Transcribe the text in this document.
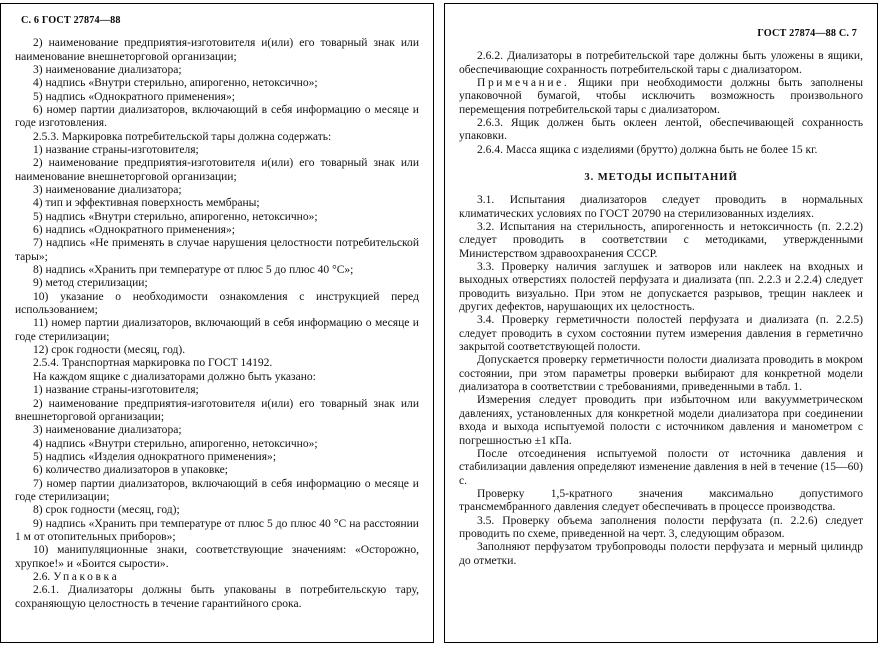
С. 6 ГОСТ 27874—88

2) наименование предприятия-изготовителя и(или) его товарный знак или наименование внешнеторговой организации;

3) наименование диализатора;

4) надпись «Внутри стерильно, апирогенно, нетоксично»;

5) надпись «Однократного применения»;

6) номер партии диализаторов, включающий в себя информацию о месяце и годе изготовления.

2.5.3. Маркировка потребительской тары должна содержать:

1) название страны-изготовителя;

2) наименование предприятия-изготовителя и(или) его товарный знак или наименование внешнеторговой организации;

3) наименование диализатора;

4) тип и эффективная поверхность мембраны;

5) надпись «Внутри стерильно, апирогенно, нетоксично»;

6) надпись «Однократного применения»;

7) надпись «Не применять в случае нарушения целостности потребительской тары»;

8) надпись «Хранить при температуре от плюс 5 до плюс 40 °С»;

9) метод стерилизации;

10) указание о необходимости ознакомления с инструкцией перед использованием;

11) номер партии диализаторов, включающий в себя информацию о месяце и годе стерилизации;

12) срок годности (месяц, год).

2.5.4. Транспортная маркировка по ГОСТ 14192.

На каждом ящике с диализаторами должно быть указано:

1) название страны-изготовителя;

2) наименование предприятия-изготовителя и(или) его товарный знак или внешнеторговой организации;

3) наименование диализатора;

4) надпись «Внутри стерильно, апирогенно, нетоксично»;

5) надпись «Изделия однократного применения»;

6) количество диализаторов в упаковке;

7) номер партии диализаторов, включающий в себя информацию о месяце и годе стерилизации;

8) срок годности (месяц, год);

9) надпись «Хранить при температуре от плюс 5 до плюс 40 °С на расстоянии 1 м от отопительных приборов»;

10) манипуляционные знаки, соответствующие значениям: «Осторожно, хрупкое!» и «Боится сырости».

2.6. Упаковка

2.6.1. Диализаторы должны быть упакованы в потребительскую тару, сохраняющую целостность в течение гарантийного срока.

ГОСТ 27874—88 С. 7

2.6.2. Диализаторы в потребительской таре должны быть уложены в ящики, обеспечивающие сохранность потребительской тары с диализатором.

Примечание. Ящики при необходимости должны быть заполнены упаковочной бумагой, чтобы исключить возможность произвольного перемещения потребительской тары с диализатором.

2.6.3. Ящик должен быть оклеен лентой, обеспечивающей сохранность упаковки.

2.6.4. Масса ящика с изделиями (брутто) должна быть не более 15 кг.

3. МЕТОДЫ ИСПЫТАНИЙ

3.1. Испытания диализаторов следует проводить в нормальных климатических условиях по ГОСТ 20790 на стерилизованных изделиях.

3.2. Испытания на стерильность, апирогенность и нетоксичность (п. 2.2.2) следует проводить в соответствии с методиками, утвержденными Министерством здравоохранения СССР.

3.3. Проверку наличия заглушек и затворов или наклеек на входных и выходных отверстиях полостей перфузата и диализата (пп. 2.2.3 и 2.2.4) следует проводить визуально. При этом не допускается разрывов, трещин наклеек и других дефектов, нарушающих их целостность.

3.4. Проверку герметичности полостей перфузата и диализата (п. 2.2.5) следует проводить в сухом состоянии путем измерения давления в герметично закрытой соответствующей полости.

Допускается проверку герметичности полости диализата проводить в мокром состоянии, при этом параметры проверки выбирают для конкретной модели диализатора в соответствии с требованиями, приведенными в табл. 1.

Измерения следует проводить при избыточном или вакуумметрическом давлениях, установленных для конкретной модели диализатора при соединении входа и выхода испытуемой полости с источником давления и манометром с погрешностью ±1 кПа.

После отсоединения испытуемой полости от источника давления и стабилизации давления определяют изменение давления в ней в течение (15—60) с.

Проверку 1,5-кратного значения максимально допустимого трансмембранного давления следует обеспечивать в процессе производства.

3.5. Проверку объема заполнения полости перфузата (п. 2.2.6) следует проводить по схеме, приведенной на черт. 3, следующим образом.

Заполняют перфузатом трубопроводы полости перфузата и мерный цилиндр до отметки.
